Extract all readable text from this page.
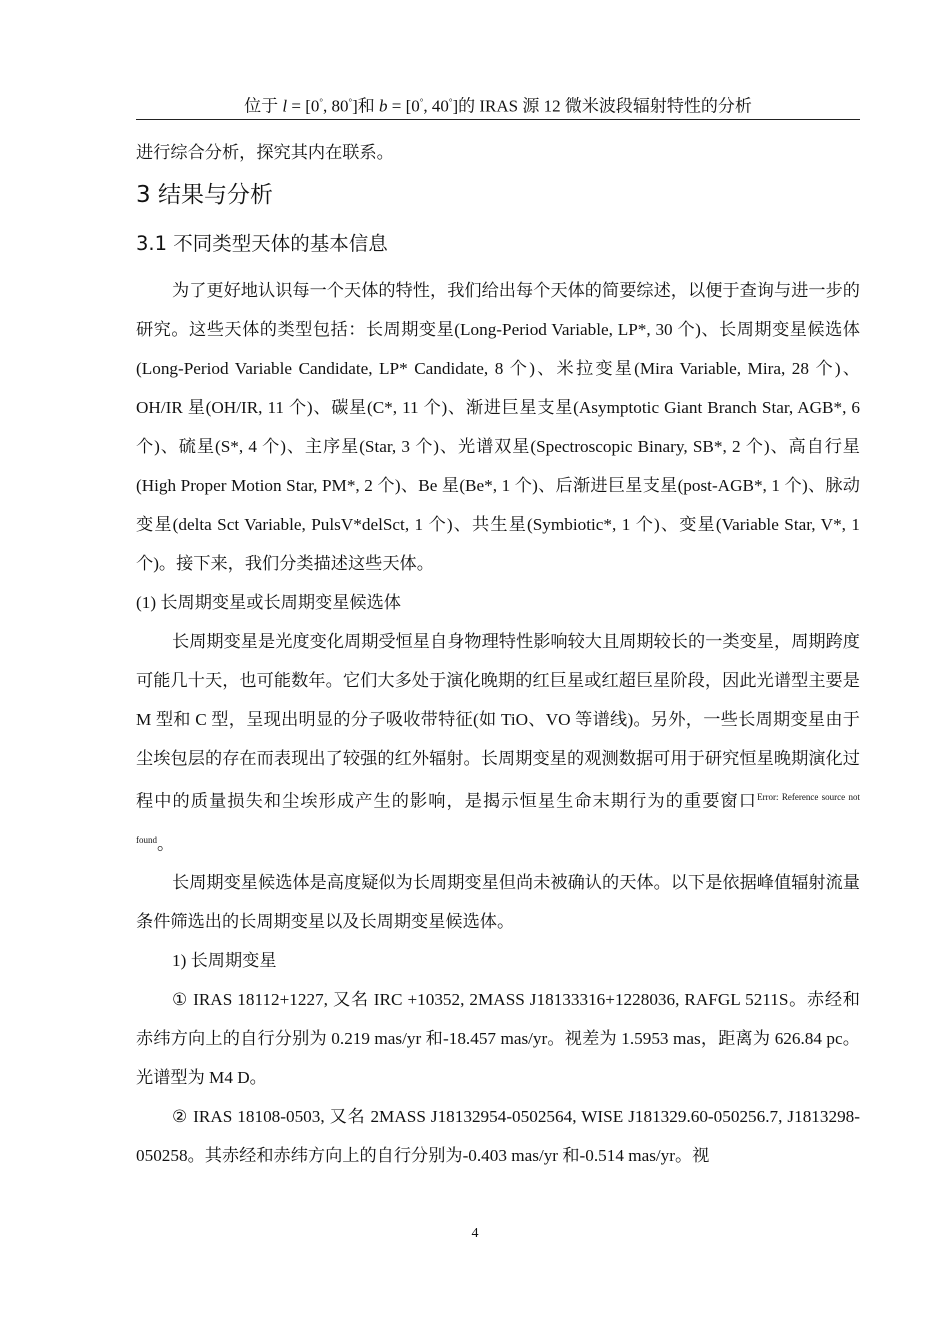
位于 l = [0°, 80°]和 b = [0°, 40°]的 IRAS 源 12 微米波段辐射特性的分析

进行综合分析，探究其内在联系。

3 结果与分析
3.1 不同类型天体的基本信息

为了更好地认识每一个天体的特性，我们给出每个天体的简要综述，以便于查询与进一步的研究。这些天体的类型包括：长周期变星(Long-Period Variable, LP*, 30 个)、长周期变星候选体(Long-Period Variable Candidate, LP* Candidate, 8 个)、米拉变星(Mira Variable, Mira, 28 个)、OH/IR 星(OH/IR, 11 个)、碳星(C*, 11 个)、渐进巨星支星(Asymptotic Giant Branch Star, AGB*, 6 个)、硫星(S*, 4 个)、主序星(Star, 3 个)、光谱双星(Spectroscopic Binary, SB*, 2 个)、高自行星(High Proper Motion Star, PM*, 2 个)、Be 星(Be*, 1 个)、后渐进巨星支星(post-AGB*, 1 个)、脉动变星(delta Sct Variable, PulsV*delSct, 1 个)、共生星(Symbiotic*, 1 个)、变星(Variable Star, V*, 1 个)。接下来，我们分类描述这些天体。

(1) 长周期变星或长周期变星候选体

长周期变星是光度变化周期受恒星自身物理特性影响较大且周期较长的一类变星，周期跨度可能几十天，也可能数年。它们大多处于演化晚期的红巨星或红超巨星阶段，因此光谱型主要是 M 型和 C 型，呈现出明显的分子吸收带特征(如 TiO、VO 等谱线)。另外，一些长周期变星由于尘埃包层的存在而表现出了较强的红外辐射。长周期变星的观测数据可用于研究恒星晚期演化过程中的质量损失和尘埃形成产生的影响，是揭示恒星生命末期行为的重要窗口$^{Error: Reference source not found}$。

长周期变星候选体是高度疑似为长周期变星但尚未被确认的天体。以下是依据峰值辐射流量条件筛选出的长周期变星以及长周期变星候选体。

1) 长周期变星

① IRAS 18112+1227, 又名 IRC +10352, 2MASS J18133316+1228036, RAFGL 5211S。赤经和赤纬方向上的自行分别为 0.219 mas/yr 和-18.457 mas/yr。视差为 1.5953 mas，距离为 626.84 pc。光谱型为 M4 D。

② IRAS 18108-0503, 又名 2MASS J18132954-0502564, WISE J181329.60-050256.7, J1813298-050258。其赤经和赤纬方向上的自行分别为-0.403 mas/yr 和-0.514 mas/yr。视

4
